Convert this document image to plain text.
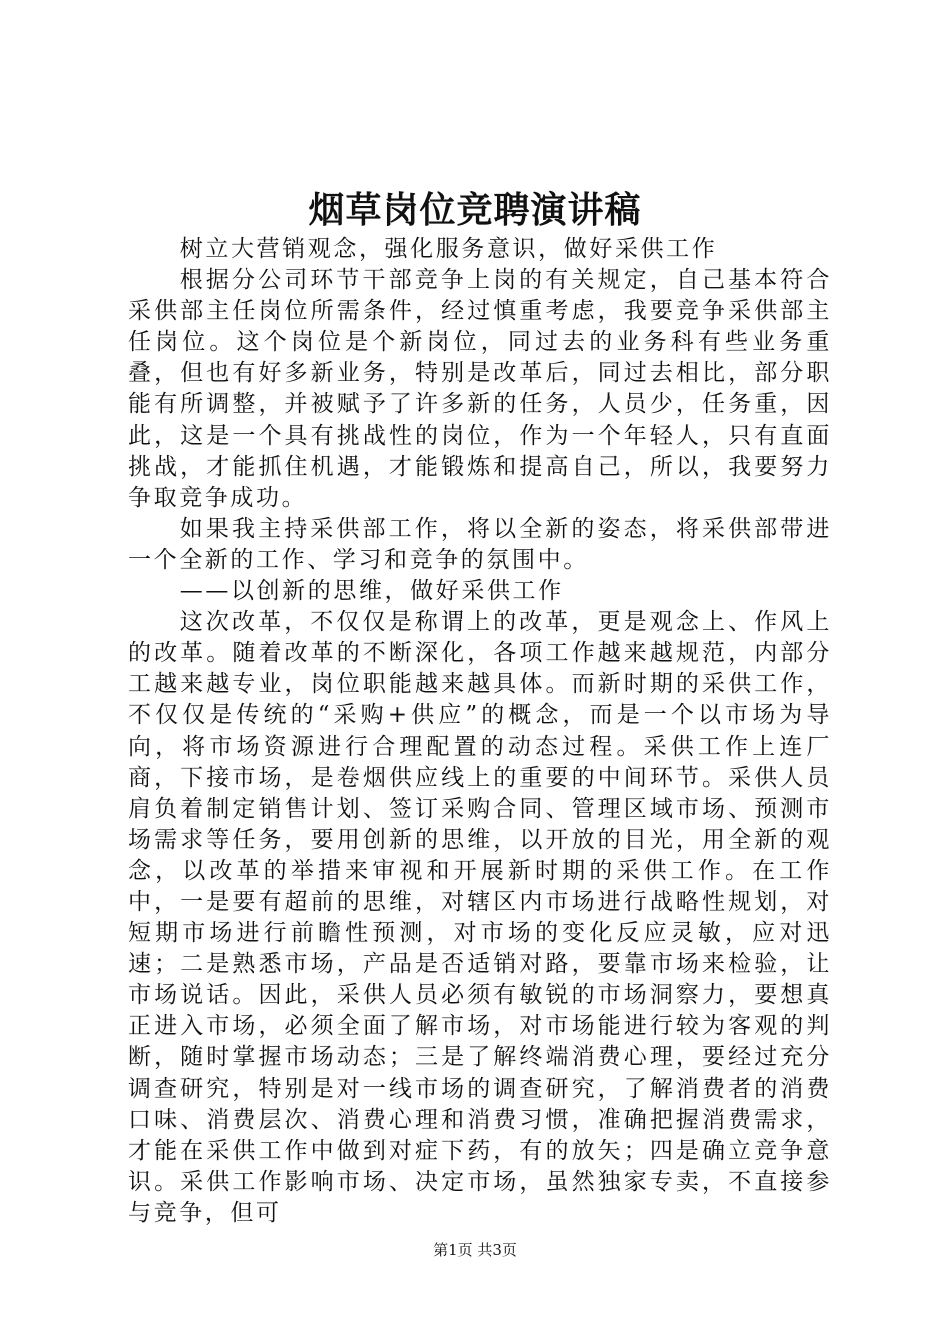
烟草岗位竞聘演讲稿

树立大营销观念，强化服务意识，做好采供工作

根据分公司环节干部竞争上岗的有关规定，自己基本符合采供部主任岗位所需条件，经过慎重考虑，我要竞争采供部主任岗位。这个岗位是个新岗位，同过去的业务科有些业务重叠，但也有好多新业务，特别是改革后，同过去相比，部分职能有所调整，并被赋予了许多新的任务，人员少，任务重，因此，这是一个具有挑战性的岗位，作为一个年轻人，只有直面挑战，才能抓住机遇，才能锻炼和提高自己，所以，我要努力争取竞争成功。

如果我主持采供部工作，将以全新的姿态，将采供部带进一个全新的工作、学习和竞争的氛围中。

——以创新的思维，做好采供工作

这次改革，不仅仅是称谓上的改革，更是观念上、作风上的改革。随着改革的不断深化，各项工作越来越规范，内部分工越来越专业，岗位职能越来越具体。而新时期的采供工作，不仅仅是传统的“采购+供应”的概念，而是一个以市场为导向，将市场资源进行合理配置的动态过程。采供工作上连厂商，下接市场，是卷烟供应线上的重要的中间环节。采供人员肩负着制定销售计划、签订采购合同、管理区域市场、预测市场需求等任务，要用创新的思维，以开放的目光，用全新的观念，以改革的举措来审视和开展新时期的采供工作。在工作中，一是要有超前的思维，对辖区内市场进行战略性规划，对短期市场进行前瞻性预测，对市场的变化反应灵敏，应对迅速；二是熟悉市场，产品是否适销对路，要靠市场来检验，让市场说话。因此，采供人员必须有敏锐的市场洞察力，要想真正进入市场，必须全面了解市场，对市场能进行较为客观的判断，随时掌握市场动态；三是了解终端消费心理，要经过充分调查研究，特别是对一线市场的调查研究，了解消费者的消费口味、消费层次、消费心理和消费习惯，准确把握消费需求，才能在采供工作中做到对症下药，有的放矢；四是确立竞争意识。采供工作影响市场、决定市场，虽然独家专卖，不直接参与竞争，但可

第1页 共3页
